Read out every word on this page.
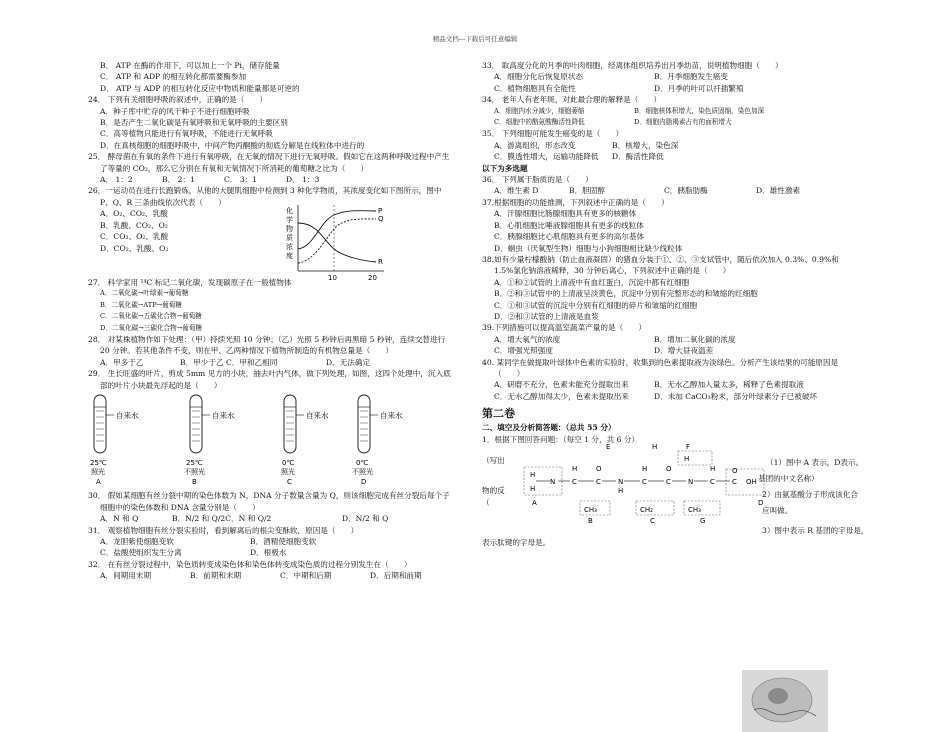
精品文档---下载后可任意编辑
B． ATP 在酶的作用下，可以加上一个 Pi，储存能量
C． ATP 和 ADP 的相互转化都需要酶参加
D． ATP 与 ADP 的相互转化反应中物质和能量都是可逆的
24． 下列有关细胞呼吸的叙述中，正确的是（　　）
A．种子库中贮存的风干种子不进行细胞呼吸
B．是否产生二氧化碳是有氧呼吸和无氧呼吸的主要区别
C．高等植物只能进行有氧呼吸，不能进行无氧呼吸
D．在真核细胞的细胞呼吸中，中间产物丙酮酸的彻底分解是在线粒体中进行的
25． 酵母菌在有氧的条件下进行有氧呼吸，在无氧的情况下进行无氧呼吸。假如它在这两种呼吸过程中产生
了等量的 CO₂，那么它分别在有氧和无氧情况下所消耗的葡萄糖之比为（　　）
A． 1：2	B． 2：1	C． 3：1	D． 1：3
26．一运动员在进行长跑锻炼，从他的大腿肌细胞中检测到 3 种化学物质，其浓度变化如下图所示，图中
P、Q、R 三条曲线依次代表（　　）
A．O₂、CO₂、乳酸
B．乳酸、CO₂、O₂
C．CO₂、O₂、乳酸
D．CO₂、乳酸、O₂
化
学
物
质
浓
度
P
Q
R
10	20
27． 科学家用 ¹⁴C 标记二氧化碳，发现碳原子在一般植物体
A．二氧化碳→叶绿素→葡萄糖
B．二氧化碳→ATP→葡萄糖
C．二氧化碳→五碳化合物→葡萄糖
D．二氧化碳→三碳化合物→葡萄糖
28． 对某株植物作如下处理：（甲）持续光照 10 分钟；（乙）光照 5 秒钟后再黑暗 5 秒钟，连续交替进行
20 分钟。若其他条件不变，则在甲、乙两种情况下植物所制造的有机物总量是（　　）
A．甲多于乙	B．甲少于乙 C．甲和乙相同	D．无法确定
29． 生长旺盛的叶片，剪成 5mm 见方的小块，抽去叶内气体，做下列处理，如图，这四个处理中，沉入底
部的叶片小块最先浮起的是（　　）
自来水
25℃
照光
A
自来水
25℃
不照光
B
自来水
0℃
照光
C
自来水
0℃
不照光
D
30． 假如某细胞有丝分裂中期的染色体数为 N，DNA 分子数量含量为 Q，则该细胞完成有丝分裂后每个子
细胞中的染色体数和 DNA 含量分别是（　　）
A．N 和 Q	B．N/2 和 Q/2C．N 和 Q/2	D．N/2 和 Q
31． 观察植物细胞有丝分裂实验时，看到解离后的根尖变酥软，原因是（　　）
A．龙胆紫使细胞变软	B．酒精使细胞变软
C．盐酸使组织发生分离	D．根极水
32． 在有丝分裂过程中，染色质转变成染色体和染色体转变成染色质的过程分别发生在（　　）
A．间期用末期	B．前期和末期	C．中期和后期	D．后期和前期
33． 取高度分化的月季的叶肉细胞，经离体组织培养出月季幼苗，说明植物细胞（　　）
A．细胞分化后恢复原状态	B．月季细胞发生癌变
C．植物细胞具有全能性	D．月季的叶可以扦插繁殖
34． 老年人有老年斑，对此最合理的解释是（　　）
A．细胞内水分减少，细胞萎缩	B．细胞核体积增大，染色质固缩，染色加深
C．细胞中的酪氨酸酶活性降低	D．细胞内脂褐素占有的面积增大
35． 下列细胞可能发生癌变的是（　　）
A．游离组织，形态改变	B．核增大，染色深
C．膜透性增大，运输功能降低	D．酶活性降低
以下为多选题
36． 下列属于脂质的是（　　）
A．维生素 D	B．胆固醇	C．胰脂肪酶	D．雄性激素
37.根据细胞的功能推测，下列叙述中正确的是（　　）
A．汗腺细胞比肠腺细胞具有更多的核糖体
B．心肌细胞比唾液腺细胞具有更多的线粒体
C．胰腺细胞比心肌细胞具有更多的高尔基体
D．蛔虫（厌氧型生物）细胞与小狗细胞相比缺少线粒体
38.如有少量柠檬酸钠（防止血液凝固）的猪血分装于①、②、③支试管中，随后依次加入 0.3%、0.9%和
1.5%氯化钠溶液稀释，30 分钟后离心，下列叙述中正确的是（　　）
A．①和②试管的上清液中有血红蛋白，沉淀中都有红细胞
B．②和③试管中的上清液呈淡黄色，沉淀中分别有完整形态的和皱缩的红细胞
C．①和③试管的沉淀中分别有红细胞的碎片和皱缩的红细胞
D．②和③试管的上清液是血浆
39.下列措施可以提高温室蔬菜产量的是（　　）
A．增大氧气的浓度	B．增加二氧化碳的浓度
C．增强光照强度	D．增大昼夜温差
40. 某同学在做提取叶绿体中色素的实验时，收集到的色素提取液为淡绿色。分析产生该结果的可能原因是
（　　）
A．研磨不充分，色素未能充分提取出来	B．无水乙醇加入量太多，稀释了色素提取液
C．无水乙醇加得太少，色素未提取出来	D．未加 CaCO₃粉末，部分叶绿素分子已被破坏
第二卷
二、填空及分析简答题：（总共 55 分）
1．根据下图回答问题：（每空 1 分，共 6 分）
（写出
物的反
（
表示肽键的字母是。
H
N
H
C
H
C
O
N
H
C
H
C
O
N
H
C
H
C OH
O
CH₃	CH₂	CH₃
A
B	C
D
E	F
G
H
（1）图中 A 表示，D表示。
基团的中文名称）
2）由氨基酸分子形成该化合
应叫做。
3）图中表示 R 基团的字母是，
